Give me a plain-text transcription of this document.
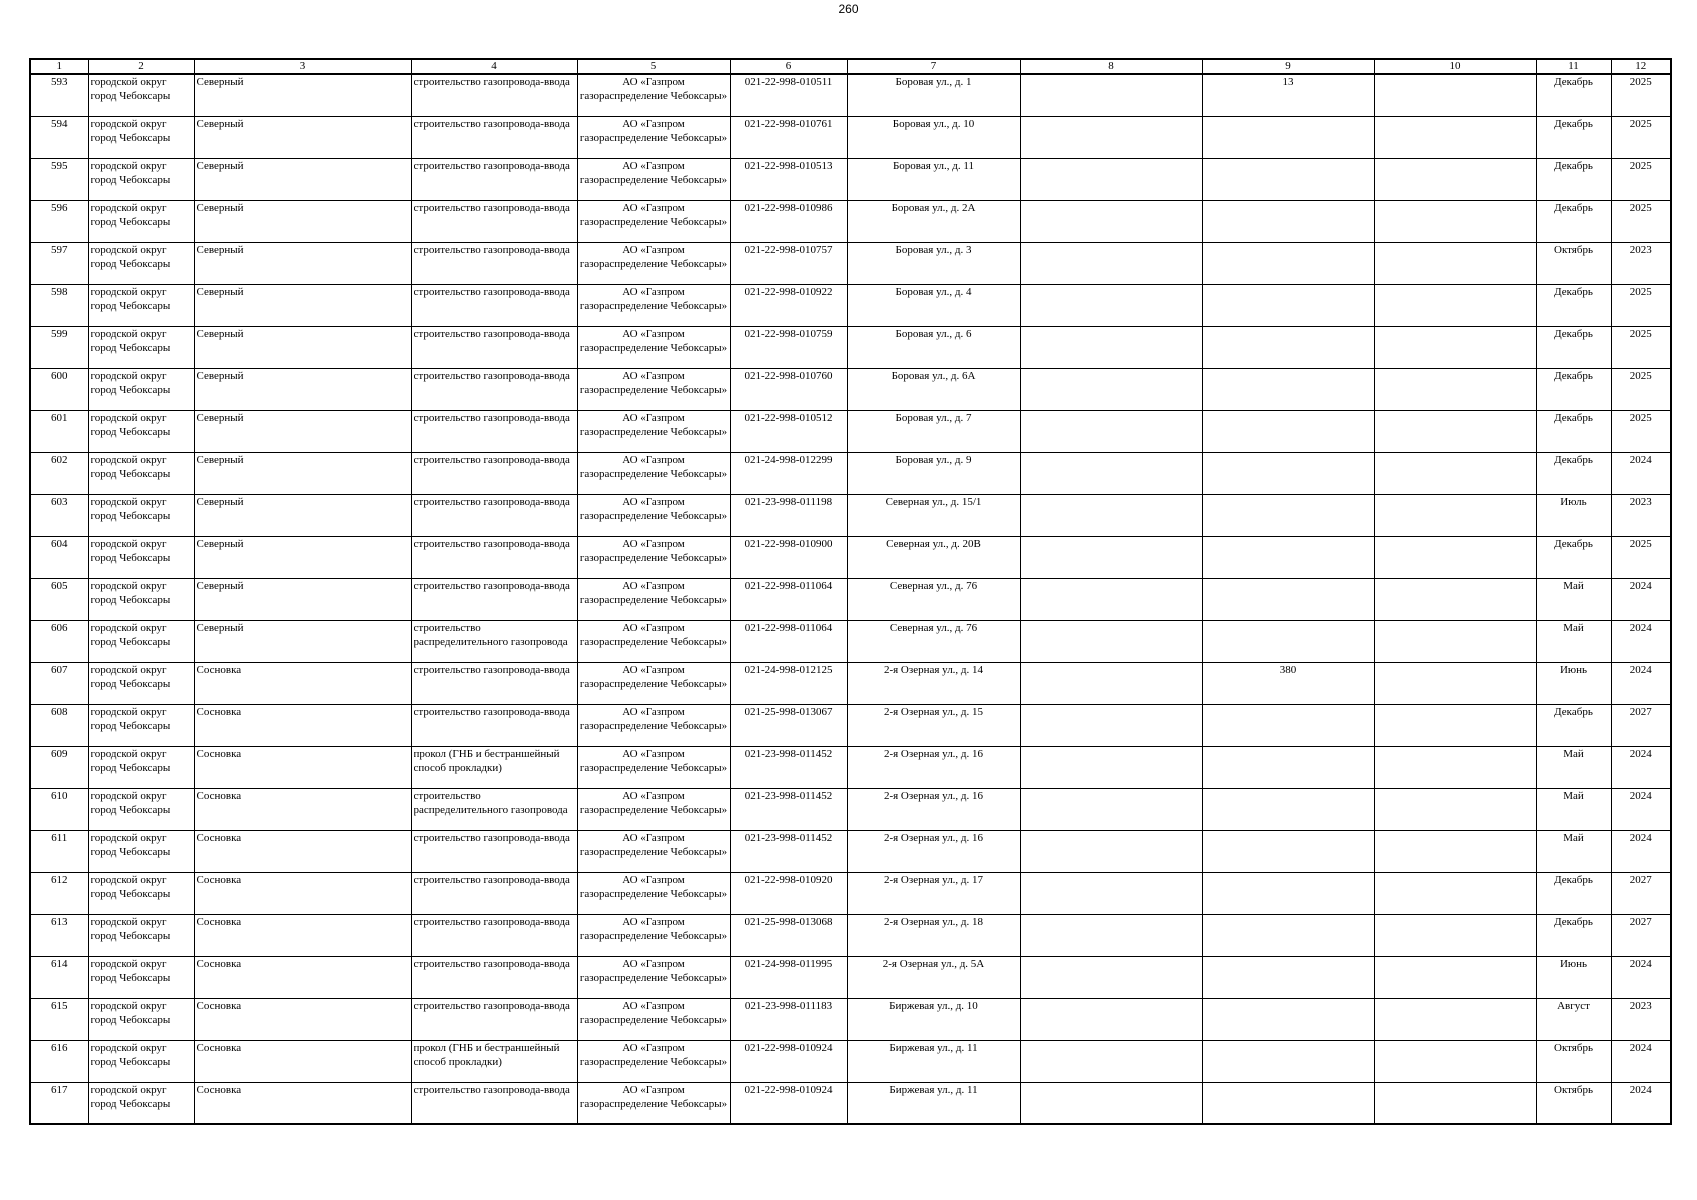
260
1	2	3	4	5	6	7	8	9	10	11	12

593	городской округ город Чебоксары	Северный	строительство газопровода-ввода	АО «Газпром газораспределение Чебоксары»	021-22-998-010511	Боровая ул., д. 1		13		Декабрь	2025

594	городской округ город Чебоксары	Северный	строительство газопровода-ввода	АО «Газпром газораспределение Чебоксары»	021-22-998-010761	Боровая ул., д. 10				Декабрь	2025

595	городской округ город Чебоксары	Северный	строительство газопровода-ввода	АО «Газпром газораспределение Чебоксары»	021-22-998-010513	Боровая ул., д. 11				Декабрь	2025

596	городской округ город Чебоксары	Северный	строительство газопровода-ввода	АО «Газпром газораспределение Чебоксары»	021-22-998-010986	Боровая ул., д. 2А				Декабрь	2025

597	городской округ город Чебоксары	Северный	строительство газопровода-ввода	АО «Газпром газораспределение Чебоксары»	021-22-998-010757	Боровая ул., д. 3				Октябрь	2023

598	городской округ город Чебоксары	Северный	строительство газопровода-ввода	АО «Газпром газораспределение Чебоксары»	021-22-998-010922	Боровая ул., д. 4				Декабрь	2025

599	городской округ город Чебоксары	Северный	строительство газопровода-ввода	АО «Газпром газораспределение Чебоксары»	021-22-998-010759	Боровая ул., д. 6				Декабрь	2025

600	городской округ город Чебоксары	Северный	строительство газопровода-ввода	АО «Газпром газораспределение Чебоксары»	021-22-998-010760	Боровая ул., д. 6А				Декабрь	2025

601	городской округ город Чебоксары	Северный	строительство газопровода-ввода	АО «Газпром газораспределение Чебоксары»	021-22-998-010512	Боровая ул., д. 7				Декабрь	2025

602	городской округ город Чебоксары	Северный	строительство газопровода-ввода	АО «Газпром газораспределение Чебоксары»	021-24-998-012299	Боровая ул., д. 9				Декабрь	2024

603	городской округ город Чебоксары	Северный	строительство газопровода-ввода	АО «Газпром газораспределение Чебоксары»	021-23-998-011198	Северная ул., д. 15/1				Июль	2023

604	городской округ город Чебоксары	Северный	строительство газопровода-ввода	АО «Газпром газораспределение Чебоксары»	021-22-998-010900	Северная ул., д. 20В				Декабрь	2025

605	городской округ город Чебоксары	Северный	строительство газопровода-ввода	АО «Газпром газораспределение Чебоксары»	021-22-998-011064	Северная ул., д. 76				Май	2024

606	городской округ город Чебоксары	Северный	строительство распределительного газопровода	АО «Газпром газораспределение Чебоксары»	021-22-998-011064	Северная ул., д. 76				Май	2024

607	городской округ город Чебоксары	Сосновка	строительство газопровода-ввода	АО «Газпром газораспределение Чебоксары»	021-24-998-012125	2-я Озерная ул., д. 14		380		Июнь	2024

608	городской округ город Чебоксары	Сосновка	строительство газопровода-ввода	АО «Газпром газораспределение Чебоксары»	021-25-998-013067	2-я Озерная ул., д. 15				Декабрь	2027

609	городской округ город Чебоксары	Сосновка	прокол (ГНБ и бестраншейный способ прокладки)	АО «Газпром газораспределение Чебоксары»	021-23-998-011452	2-я Озерная ул., д. 16				Май	2024

610	городской округ город Чебоксары	Сосновка	строительство распределительного газопровода	АО «Газпром газораспределение Чебоксары»	021-23-998-011452	2-я Озерная ул., д. 16				Май	2024

611	городской округ город Чебоксары	Сосновка	строительство газопровода-ввода	АО «Газпром газораспределение Чебоксары»	021-23-998-011452	2-я Озерная ул., д. 16				Май	2024

612	городской округ город Чебоксары	Сосновка	строительство газопровода-ввода	АО «Газпром газораспределение Чебоксары»	021-22-998-010920	2-я Озерная ул., д. 17				Декабрь	2027

613	городской округ город Чебоксары	Сосновка	строительство газопровода-ввода	АО «Газпром газораспределение Чебоксары»	021-25-998-013068	2-я Озерная ул., д. 18				Декабрь	2027

614	городской округ город Чебоксары	Сосновка	строительство газопровода-ввода	АО «Газпром газораспределение Чебоксары»	021-24-998-011995	2-я Озерная ул., д. 5А				Июнь	2024

615	городской округ город Чебоксары	Сосновка	строительство газопровода-ввода	АО «Газпром газораспределение Чебоксары»	021-23-998-011183	Биржевая ул., д. 10				Август	2023

616	городской округ город Чебоксары	Сосновка	прокол (ГНБ и бестраншейный способ прокладки)	АО «Газпром газораспределение Чебоксары»	021-22-998-010924	Биржевая ул., д. 11				Октябрь	2024

617	городской округ город Чебоксары	Сосновка	строительство газопровода-ввода	АО «Газпром газораспределение Чебоксары»	021-22-998-010924	Биржевая ул., д. 11				Октябрь	2024
